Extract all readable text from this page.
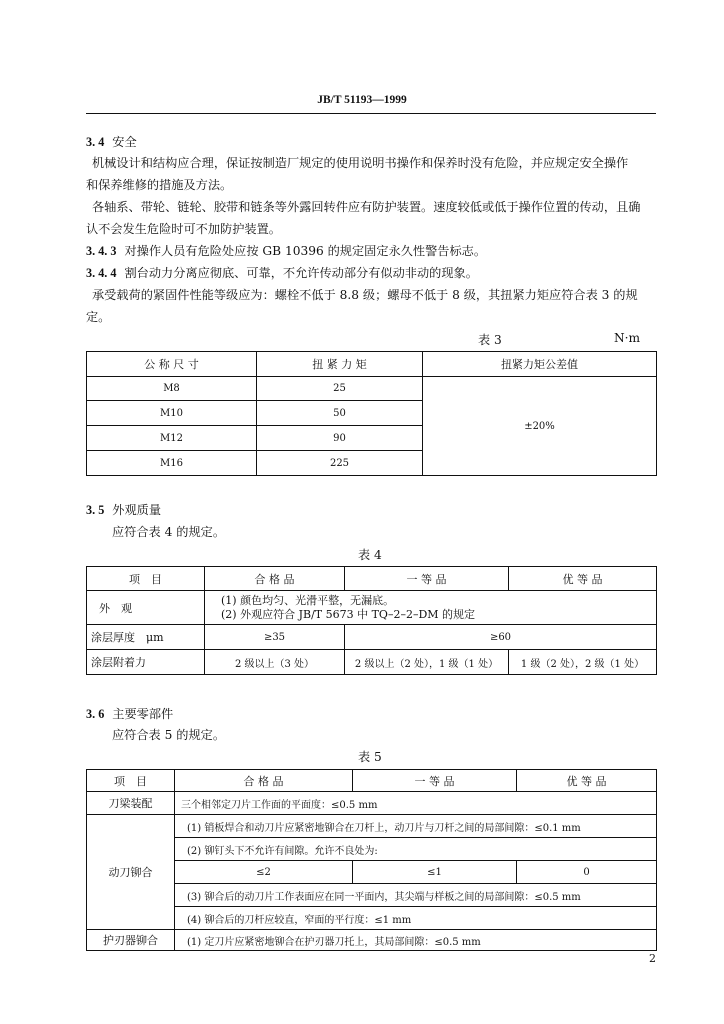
JB/T 51193—1999
3. 4 安全
机械设计和结构应合理，保证按制造厂规定的使用说明书操作和保养时没有危险，并应规定安全操作
和保养维修的措施及方法。
各轴系、带轮、链轮、胶带和链条等外露回转件应有防护装置。速度较低或低于操作位置的传动，且确
认不会发生危险时可不加防护装置。
3. 4. 3 对操作人员有危险处应按 GB 10396 的规定固定永久性警告标志。
3. 4. 4 割台动力分离应彻底、可靠，不允许传动部分有似动非动的现象。
承受载荷的紧固件性能等级应为：螺栓不低于 8.8 级；螺母不低于 8 级，其扭紧力矩应符合表 3 的规
定。
表 3	N·m
公 称 尺 寸	扭 紧 力 矩	扭紧力矩公差值
M8	25	±20%
M10	50	
M12	90	
M16	225	
3. 5 外观质量
应符合表 4 的规定。
表 4
项　目	合 格 品	一 等 品	优 等 品
外　观	(1) 颜色均匀、光滑平整，无漏底。
(2) 外观应符合 JB/T 5673 中 TQ–2–2–DM 的规定		

涂层厚度　μm	≥35	≥60	
涂层附着力	2 级以上（3 处）	2 级以上（2 处），1 级（1 处）	1 级（2 处），2 级（1 处）
3. 6 主要零部件
应符合表 5 的规定。
表 5
项　目	合 格 品	一 等 品	优 等 品
刀梁装配	三个相邻定刀片工作面的平面度：≤0.5 mm		
动刀铆合	(1) 销板焊合和动刀片应紧密地铆合在刀杆上，动刀片与刀杆之间的局部间隙：≤0.1 mm		
	(2) 铆钉头下不允许有间隙。允许不良处为:		
	≤2	≤1	0
	(3) 铆合后的动刀片工作表面应在同一平面内，其尖端与样板之间的局部间隙：≤0.5 mm		
	(4) 铆合后的刀杆应较直，窄面的平行度：≤1 mm		
护刃器铆合	(1) 定刀片应紧密地铆合在护刃器刀托上，其局部间隙：≤0.5 mm		
2
